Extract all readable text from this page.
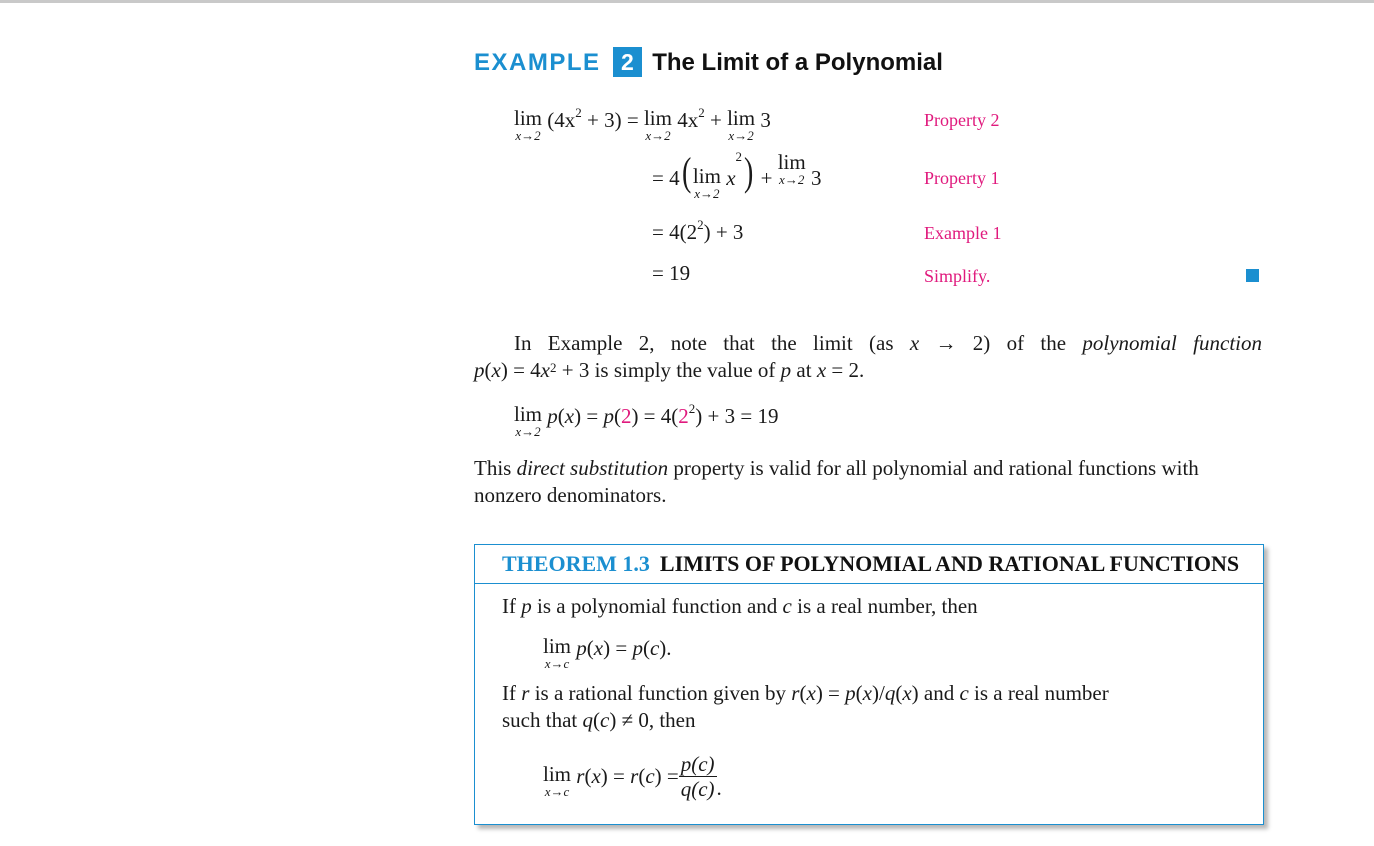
EXAMPLE 2 The Limit of a Polynomial
lim
x→2
$(4x^2 + 3) = \lim$
x→2
$4x^2 + \lim$
x→2
3	Property 2
= 4(lim
x→2
$x^2) + \lim$
x→2 3	Property 1
= $4(2^2) + 3$	Example 1
= 19	Simplify.
In Example 2, note that the limit (as x → 2) of the polynomial function
$p(x) = 4x^2 + 3$ is simply the value of p at x = 2.
lim
x→2
$p(x) = p(2) = 4(2^2) + 3 = 19$
This direct substitution property is valid for all polynomial and rational functions with
nonzero denominators.
THEOREM 1.3 LIMITS OF POLYNOMIAL AND RATIONAL FUNCTIONS
If p is a polynomial function and c is a real number, then
lim
x→c
p(x) = p(c).
If r is a rational function given by r(x) = p(x)/q(x) and c is a real number
such that q(c) ≠ 0, then
lim
x→c
$r(x) = r(c) = \frac{p(c)}{q(c)}$ .
